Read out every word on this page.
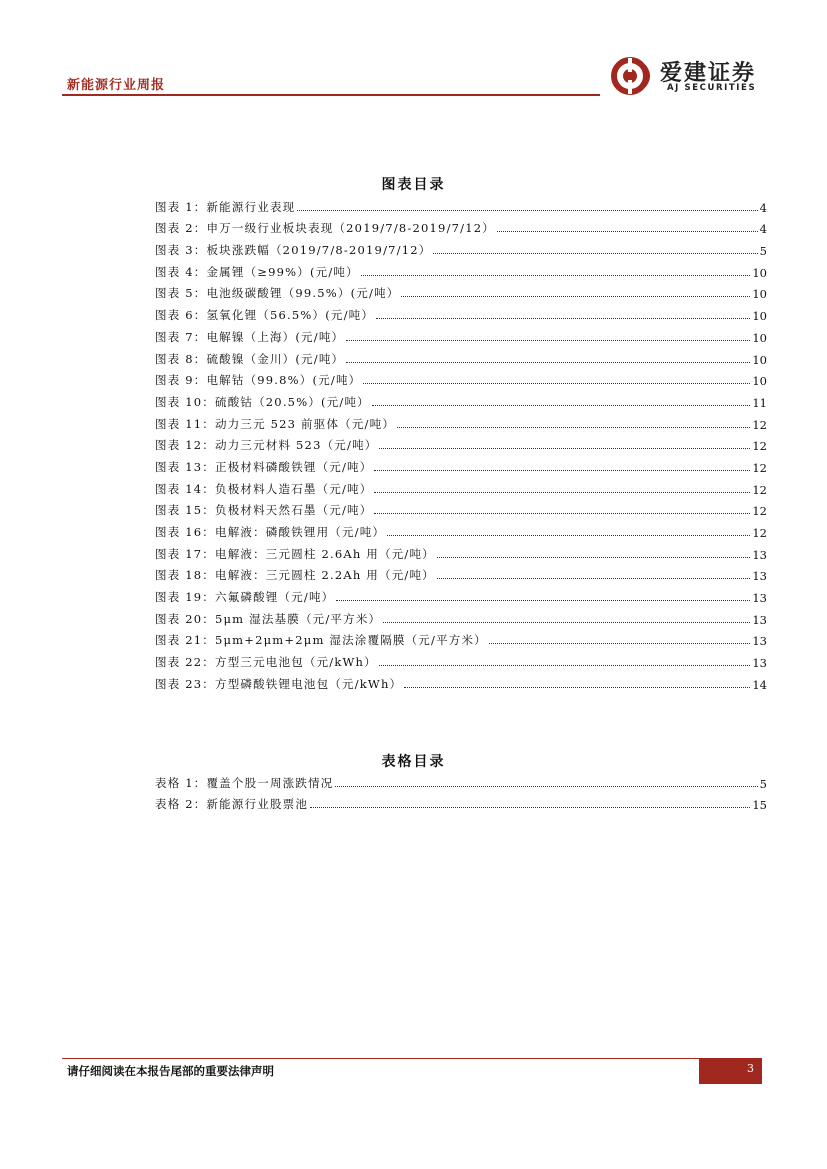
新能源行业周报	爱建证券
AJ SECURITIES
图表目录
图表 1：新能源行业表现	4
图表 2：申万一级行业板块表现（2019/7/8-2019/7/12）	4
图表 3：板块涨跌幅（2019/7/8-2019/7/12）	5
图表 4：金属锂（≥99%）(元/吨）	10
图表 5：电池级碳酸锂（99.5%）(元/吨）	10
图表 6：氢氧化锂（56.5%）(元/吨）	10
图表 7：电解镍（上海）(元/吨）	10
图表 8：硫酸镍（金川）(元/吨）	10
图表 9：电解钴（99.8%）(元/吨）	10
图表 10：硫酸钴（20.5%）(元/吨）	11
图表 11：动力三元 523 前驱体（元/吨）	12
图表 12：动力三元材料 523（元/吨）	12
图表 13：正极材料磷酸铁锂（元/吨）	12
图表 14：负极材料人造石墨（元/吨）	12
图表 15：负极材料天然石墨（元/吨）	12
图表 16：电解液：磷酸铁锂用（元/吨）	12
图表 17：电解液：三元圆柱 2.6Ah 用（元/吨）	13
图表 18：电解液：三元圆柱 2.2Ah 用（元/吨）	13
图表 19：六氟磷酸锂（元/吨）	13
图表 20：5μm 湿法基膜（元/平方米）	13
图表 21：5μm+2μm+2μm 湿法涂覆隔膜（元/平方米）	13
图表 22：方型三元电池包（元/kWh）	13
图表 23：方型磷酸铁锂电池包（元/kWh）	14
表格目录
表格 1：覆盖个股一周涨跌情况	5
表格 2：新能源行业股票池	15
请仔细阅读在本报告尾部的重要法律声明	3
